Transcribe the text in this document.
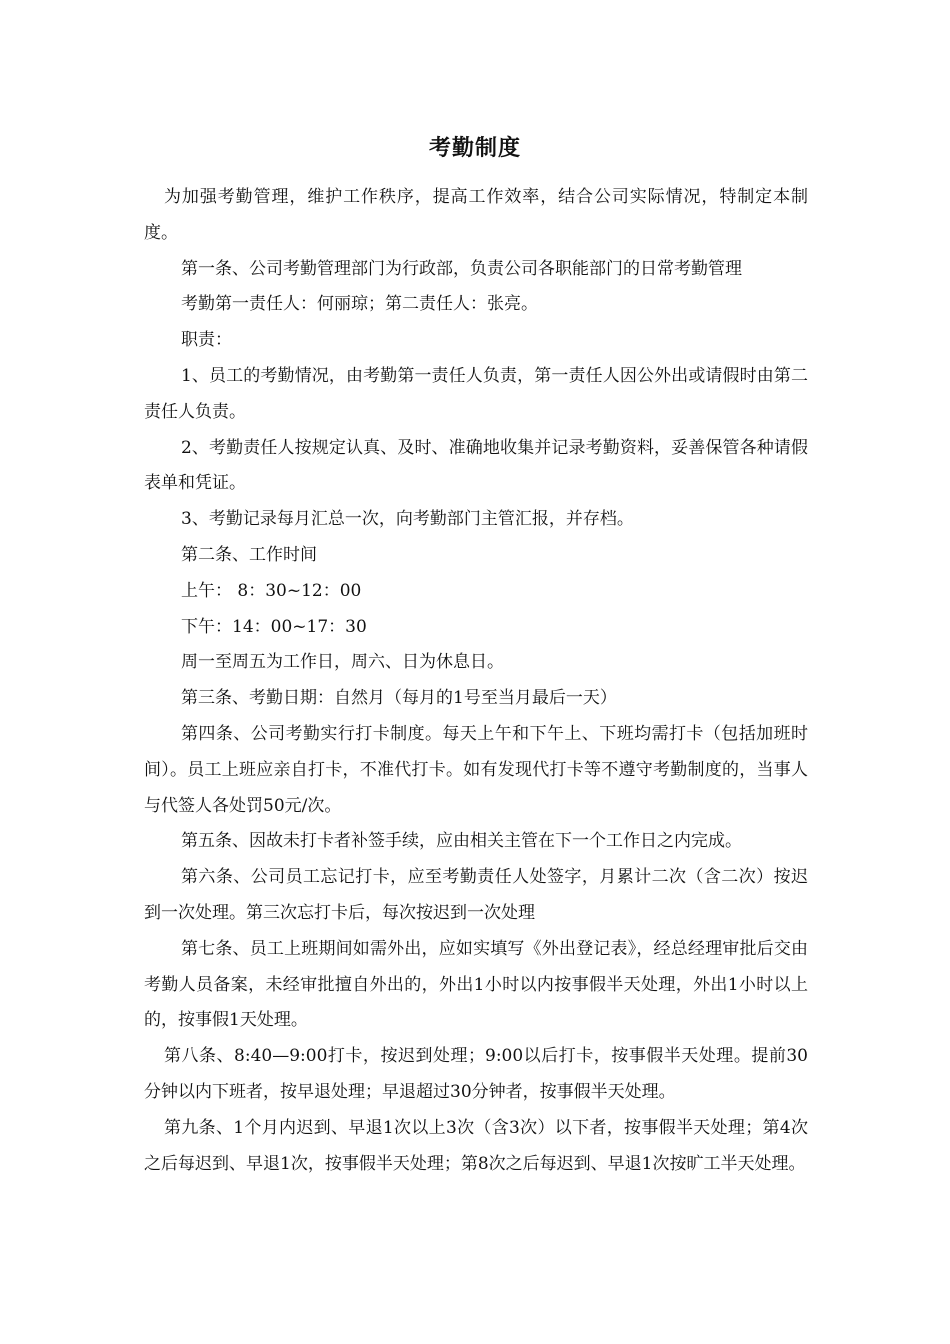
考勤制度

为加强考勤管理，维护工作秩序，提高工作效率，结合公司实际情况，特制定本制度。

第一条、公司考勤管理部门为行政部，负责公司各职能部门的日常考勤管理

考勤第一责任人：何丽琼；第二责任人：张亮。

职责：

1、员工的考勤情况，由考勤第一责任人负责，第一责任人因公外出或请假时由第二责任人负责。

2、考勤责任人按规定认真、及时、准确地收集并记录考勤资料，妥善保管各种请假表单和凭证。

3、考勤记录每月汇总一次，向考勤部门主管汇报，并存档。

第二条、工作时间

上午： 8：30~12：00

下午：14：00~17：30

周一至周五为工作日，周六、日为休息日。

第三条、考勤日期：自然月（每月的1号至当月最后一天）

第四条、公司考勤实行打卡制度。每天上午和下午上、下班均需打卡（包括加班时间）。员工上班应亲自打卡，不准代打卡。如有发现代打卡等不遵守考勤制度的，当事人与代签人各处罚50元/次。

第五条、因故未打卡者补签手续，应由相关主管在下一个工作日之内完成。

第六条、公司员工忘记打卡，应至考勤责任人处签字，月累计二次（含二次）按迟到一次处理。第三次忘打卡后，每次按迟到一次处理

第七条、员工上班期间如需外出，应如实填写《外出登记表》，经总经理审批后交由考勤人员备案，未经审批擅自外出的，外出1小时以内按事假半天处理，外出1小时以上的，按事假1天处理。

第八条、8:40—9:00打卡，按迟到处理；9:00以后打卡，按事假半天处理。提前30分钟以内下班者，按早退处理；早退超过30分钟者，按事假半天处理。

第九条、1个月内迟到、早退1次以上3次（含3次）以下者，按事假半天处理；第4次之后每迟到、早退1次，按事假半天处理；第8次之后每迟到、早退1次按旷工半天处理。
